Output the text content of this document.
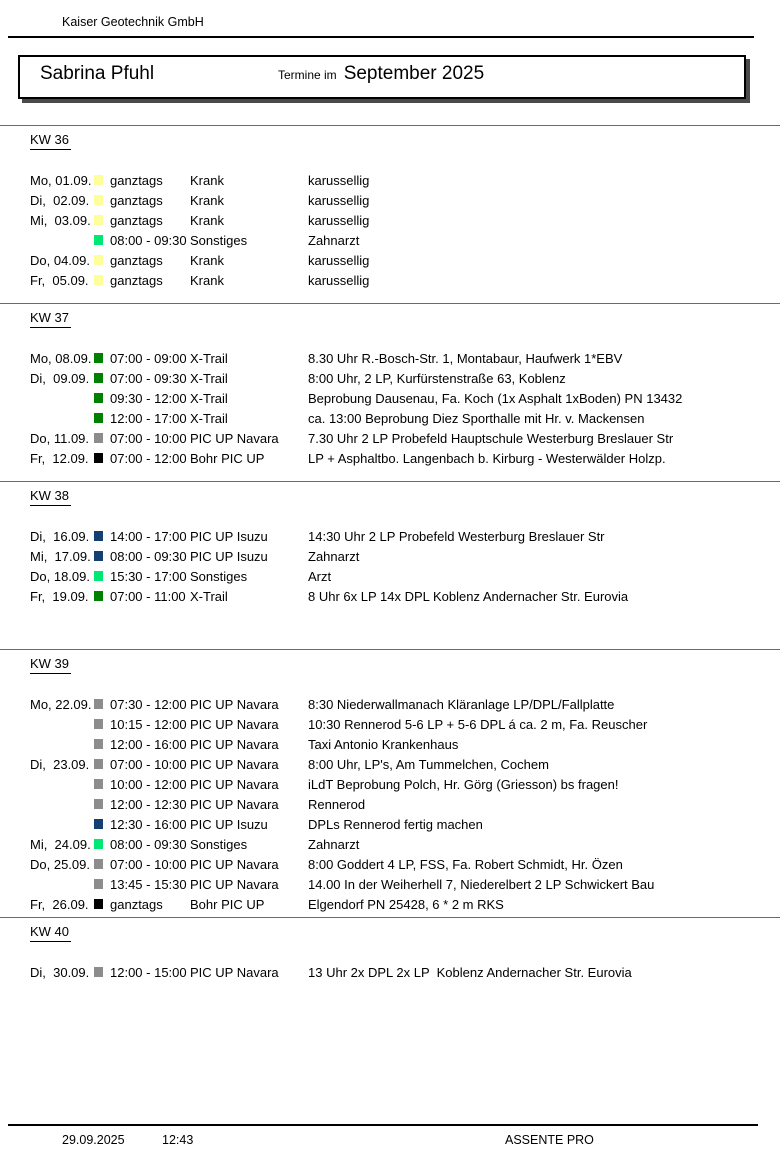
Kaiser Geotechnik GmbH
Sabrina Pfuhl	Termine im September 2025
KW 36
Mo, 01.09. ganztags	Krank	karussellig
Di,  02.09.	ganztags	Krank	karussellig
Mi,  03.09. ganztags	Krank	karussellig
08:00 - 09:30 Sonstiges	Zahnarzt
Do, 04.09.	ganztags	Krank	karussellig
Fr,  05.09.	ganztags	Krank	karussellig
KW 37
Mo, 08.09. 07:00 - 09:00 X-Trail	8.30 Uhr R.-Bosch-Str. 1, Montabaur, Haufwerk 1*EBV
Di,  09.09.	07:00 - 09:30 X-Trail	8:00 Uhr, 2 LP, Kurfürstenstraße 63, Koblenz
09:30 - 12:00 X-Trail	Beprobung Dausenau, Fa. Koch (1x Asphalt 1xBoden) PN 13432
12:00 - 17:00 X-Trail	ca. 13:00 Beprobung Diez Sporthalle mit Hr. v. Mackensen
Do, 11.09.	07:00 - 10:00 PIC UP Navara	7.30 Uhr 2 LP Probefeld Hauptschule Westerburg Breslauer Str
Fr,  12.09.	07:00 - 12:00 Bohr PIC UP	LP + Asphaltbo. Langenbach b. Kirburg - Westerwälder Holzp.
KW 38
Di,  16.09.	14:00 - 17:00 PIC UP Isuzu	14:30 Uhr 2 LP Probefeld Westerburg Breslauer Str
Mi,  17.09. 08:00 - 09:30 PIC UP Isuzu	Zahnarzt
Do, 18.09.	15:30 - 17:00 Sonstiges	Arzt
Fr,  19.09.	07:00 - 11:00 X-Trail	8 Uhr 6x LP 14x DPL Koblenz Andernacher Str. Eurovia
KW 39
Mo, 22.09. 07:30 - 12:00 PIC UP Navara	8:30 Niederwallmanach Kläranlage LP/DPL/Fallplatte
10:15 - 12:00 PIC UP Navara	10:30 Rennerod 5-6 LP + 5-6 DPL á ca. 2 m, Fa. Reuscher
12:00 - 16:00 PIC UP Navara	Taxi Antonio Krankenhaus
Di,  23.09.	07:00 - 10:00 PIC UP Navara	8:00 Uhr, LP's, Am Tummelchen, Cochem
10:00 - 12:00 PIC UP Navara	iLdT Beprobung Polch, Hr. Görg (Griesson) bs fragen!
12:00 - 12:30 PIC UP Navara	Rennerod
12:30 - 16:00 PIC UP Isuzu	DPLs Rennerod fertig machen
Mi,  24.09. 08:00 - 09:30 Sonstiges	Zahnarzt
Do, 25.09.	07:00 - 10:00 PIC UP Navara	8:00 Goddert 4 LP, FSS, Fa. Robert Schmidt, Hr. Özen
13:45 - 15:30 PIC UP Navara	14.00 In der Weiherhell 7, Niederelbert 2 LP Schwickert Bau
Fr,  26.09.	ganztags	Bohr PIC UP	Elgendorf PN 25428, 6 * 2 m RKS
KW 40
Di,  30.09.	12:00 - 15:00 PIC UP Navara	13 Uhr 2x DPL 2x LP  Koblenz Andernacher Str. Eurovia
29.09.2025	12:43	ASSENTE PRO
